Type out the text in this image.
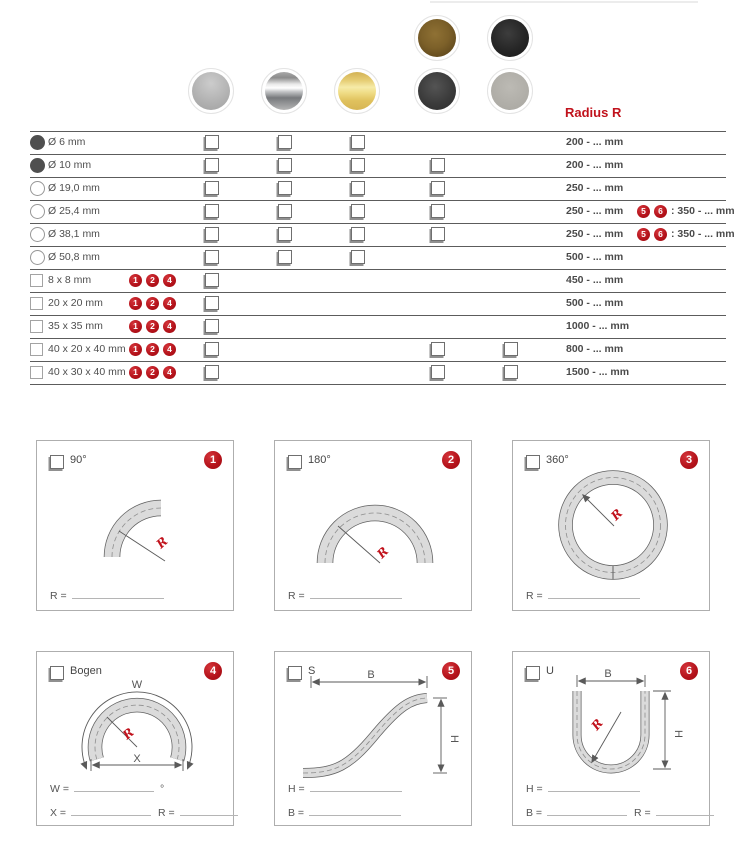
Radius R
Ø 6 mm	200 - ... mm
Ø 10 mm	200 - ... mm
Ø 19,0 mm	250 - ... mm
Ø 25,4 mm	250 - ... mm	5	6 : 350 - ... mm
Ø 38,1 mm	250 - ... mm	5	6 : 350 - ... mm
Ø 50,8 mm	500 - ... mm
8 x 8 mm	1	2	4	450 - ... mm
20 x 20 mm	1	2	4	500 - ... mm
35 x 35 mm	1	2	4	1000 - ... mm
40 x 20 x 40 mm 1	2	4	800 - ... mm
40 x 30 x 40 mm 1	2	4	1500 - ... mm
90°	1
R
R =
180°	2
R
R =
360°	3
R
R =
Bogen	4
W
R
X
W =	°
X =	R =
S	5
B
H
H =
B =
U	6
B
H
R
H =
B =	R =
